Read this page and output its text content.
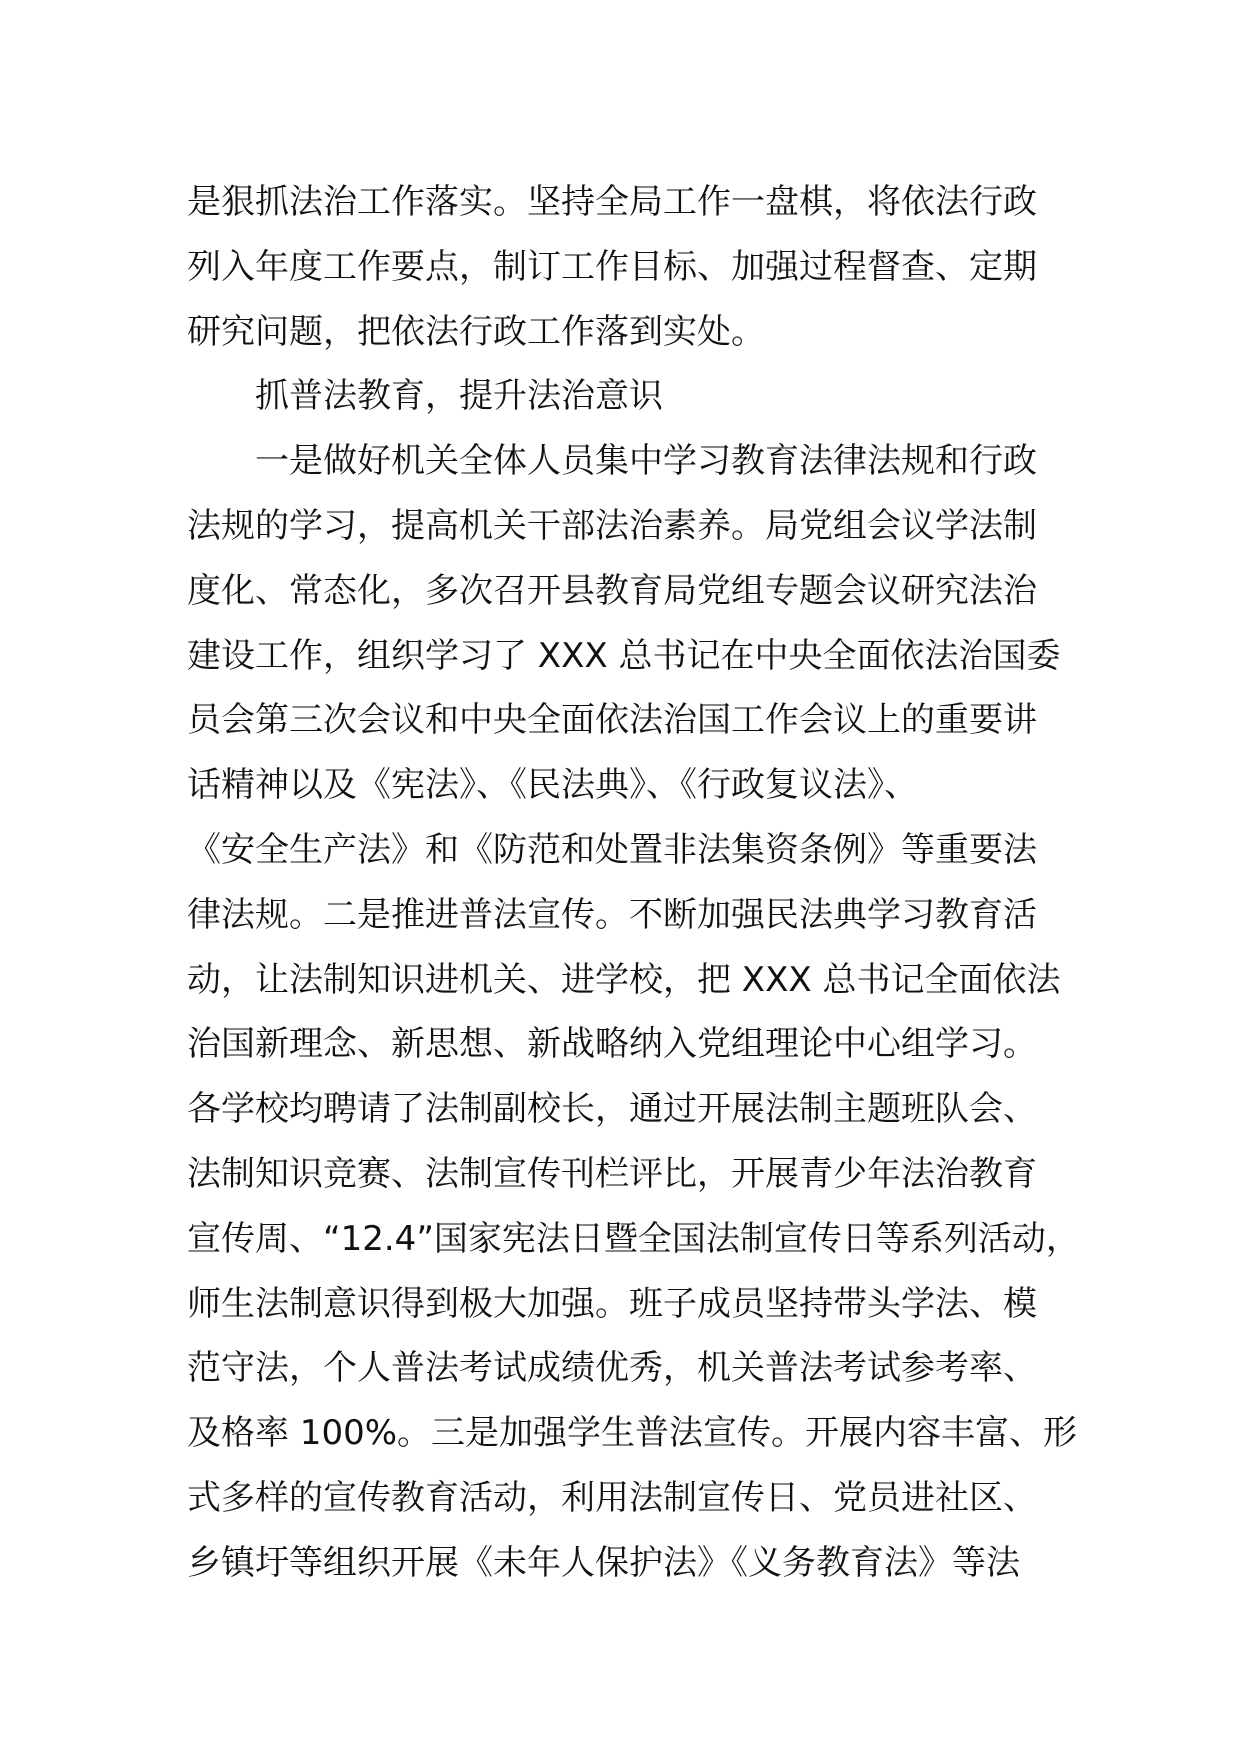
是狠抓法治工作落实。坚持全局工作一盘棋，将依法行政
列入年度工作要点，制订工作目标、加强过程督查、定期
研究问题，把依法行政工作落到实处。
抓普法教育，提升法治意识
一是做好机关全体人员集中学习教育法律法规和行政
法规的学习，提高机关干部法治素养。局党组会议学法制
度化、常态化，多次召开县教育局党组专题会议研究法治
建设工作，组织学习了 XXX 总书记在中央全面依法治国委
员会第三次会议和中央全面依法治国工作会议上的重要讲
话精神以及《宪法》、《民法典》、《行政复议法》、
《安全生产法》和《防范和处置非法集资条例》等重要法
律法规。二是推进普法宣传。不断加强民法典学习教育活
动，让法制知识进机关、进学校，把 XXX 总书记全面依法
治国新理念、新思想、新战略纳入党组理论中心组学习。
各学校均聘请了法制副校长，通过开展法制主题班队会、
法制知识竞赛、法制宣传刊栏评比，开展青少年法治教育
宣传周、“12.4”国家宪法日暨全国法制宣传日等系列活动，
师生法制意识得到极大加强。班子成员坚持带头学法、模
范守法，个人普法考试成绩优秀，机关普法考试参考率、
及格率 100%。三是加强学生普法宣传。开展内容丰富、形
式多样的宣传教育活动，利用法制宣传日、党员进社区、
乡镇圩等组织开展《未年人保护法》《义务教育法》等法
